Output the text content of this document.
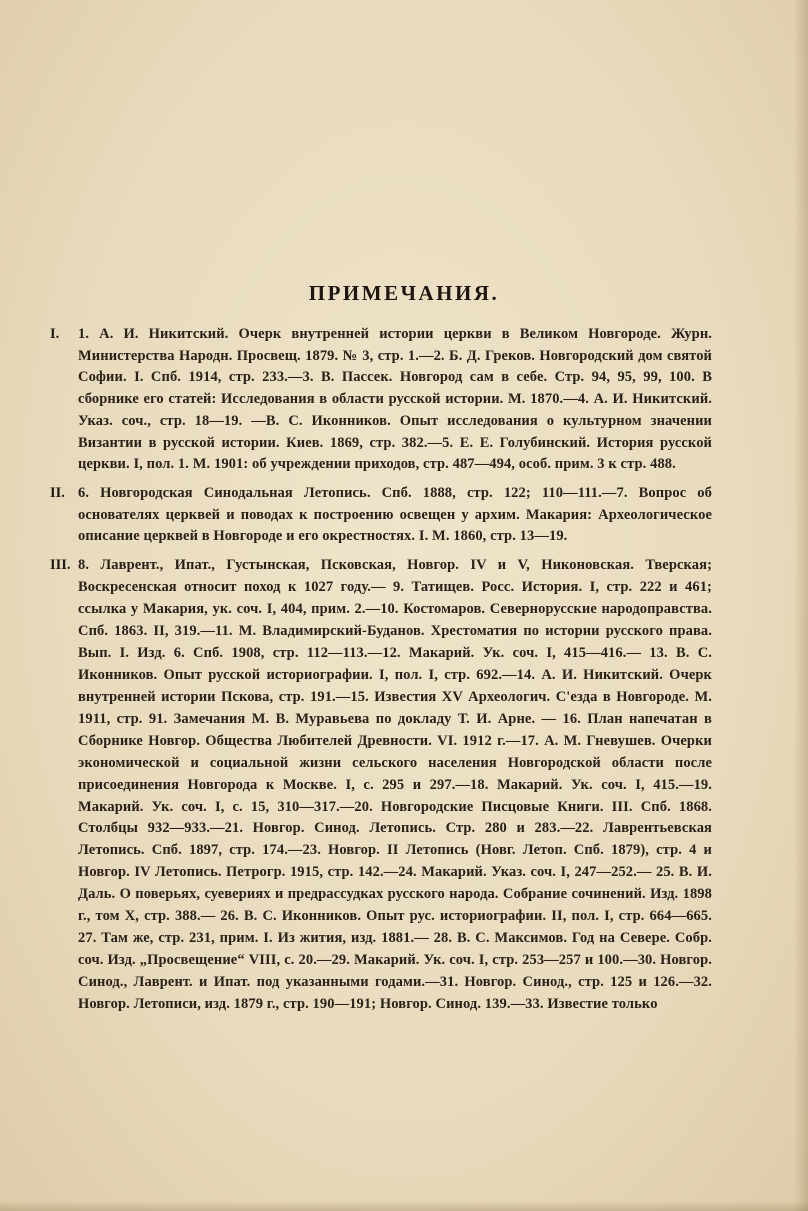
ПРИМЕЧАНИЯ.
I.	1. А. И. Никитский. Очерк внутренней истории церкви в Великом Новгороде. Журн. Министерства Народн. Просвещ. 1879. № 3, стр. 1.—2. Б. Д. Греков. Новгородский дом святой Софии. I. Спб. 1914, стр. 233.—3. В. Пассек. Новгород сам в себе. Стр. 94, 95, 99, 100. В сборнике его статей: Исследования в области русской истории. М. 1870.—4. А. И. Никитский. Указ. соч., стр. 18—19. —В. С. Иконников. Опыт исследования о культурном значении Византии в русской истории. Киев. 1869, стр. 382.—5. Е. Е. Голубинский. История русской церкви. I, пол. 1. М. 1901: об учреждении приходов, стр. 487—494, особ. прим. 3 к стр. 488.
II. 6. Новгородская Синодальная Летопись. Спб. 1888, стр. 122; 110—111.—7. Вопрос об основателях церквей и поводах к построению освещен у архим. Макария: Археологическое описание церквей в Новгороде и его окрестностях. I. М. 1860, стр. 13—19.
III. 8. Лаврент., Ипат., Густынская, Псковская, Новгор. IV и V, Никоновская. Тверская; Воскресенская относит поход к 1027 году.— 9. Татищев. Росс. История. I, стр. 222 и 461; ссылка у Макария, ук. соч. I, 404, прим. 2.—10. Костомаров. Севернорусские народоправства. Спб. 1863. II, 319.—11. М. Владимирский-Буданов. Хрестоматия по истории русского права. Вып. I. Изд. 6. Спб. 1908, стр. 112—113.—12. Макарий. Ук. соч. I, 415—416.— 13. В. С. Иконников. Опыт русской историографии. I, пол. I, стр. 692.—14. А. И. Никитский. Очерк внутренней истории Пскова, стр. 191.—15. Известия XV Археологич. С'езда в Новгороде. М. 1911, стр. 91. Замечания М. В. Муравьева по докладу Т. И. Арне. — 16. План напечатан в Сборнике Новгор. Общества Любителей Древности. VI. 1912 г.—17. А. М. Гневушев. Очерки экономической и социальной жизни сельского населения Новгородской области после присоединения Новгорода к Москве. I, с. 295 и 297.—18. Макарий. Ук. соч. I, 415.—19. Макарий. Ук. соч. I, с. 15, 310—317.—20. Новгородские Писцовые Книги. III. Спб. 1868. Столбцы 932—933.—21. Новгор. Синод. Летопись. Стр. 280 и 283.—22. Лаврентьевская Летопись. Спб. 1897, стр. 174.—23. Новгор. II Летопись (Новг. Летоп. Спб. 1879), стр. 4 и Новгор. IV Летопись. Петрогр. 1915, стр. 142.—24. Макарий. Указ. соч. I, 247—252.— 25. В. И. Даль. О поверьях, суевериях и предрассудках русского народа. Собрание сочинений. Изд. 1898 г., том X, стр. 388.— 26. В. С. Иконников. Опыт рус. историографии. II, пол. I, стр. 664—665. 27. Там же, стр. 231, прим. I. Из жития, изд. 1881.— 28. В. С. Максимов. Год на Севере. Собр. соч. Изд. „Просвещение“ VIII, с. 20.—29. Макарий. Ук. соч. I, стр. 253—257 и 100.—30. Новгор. Синод., Лаврент. и Ипат. под указанными годами.—31. Новгор. Синод., стр. 125 и 126.—32. Новгор. Летописи, изд. 1879 г., стр. 190—191; Новгор. Синод. 139.—33. Известие только
